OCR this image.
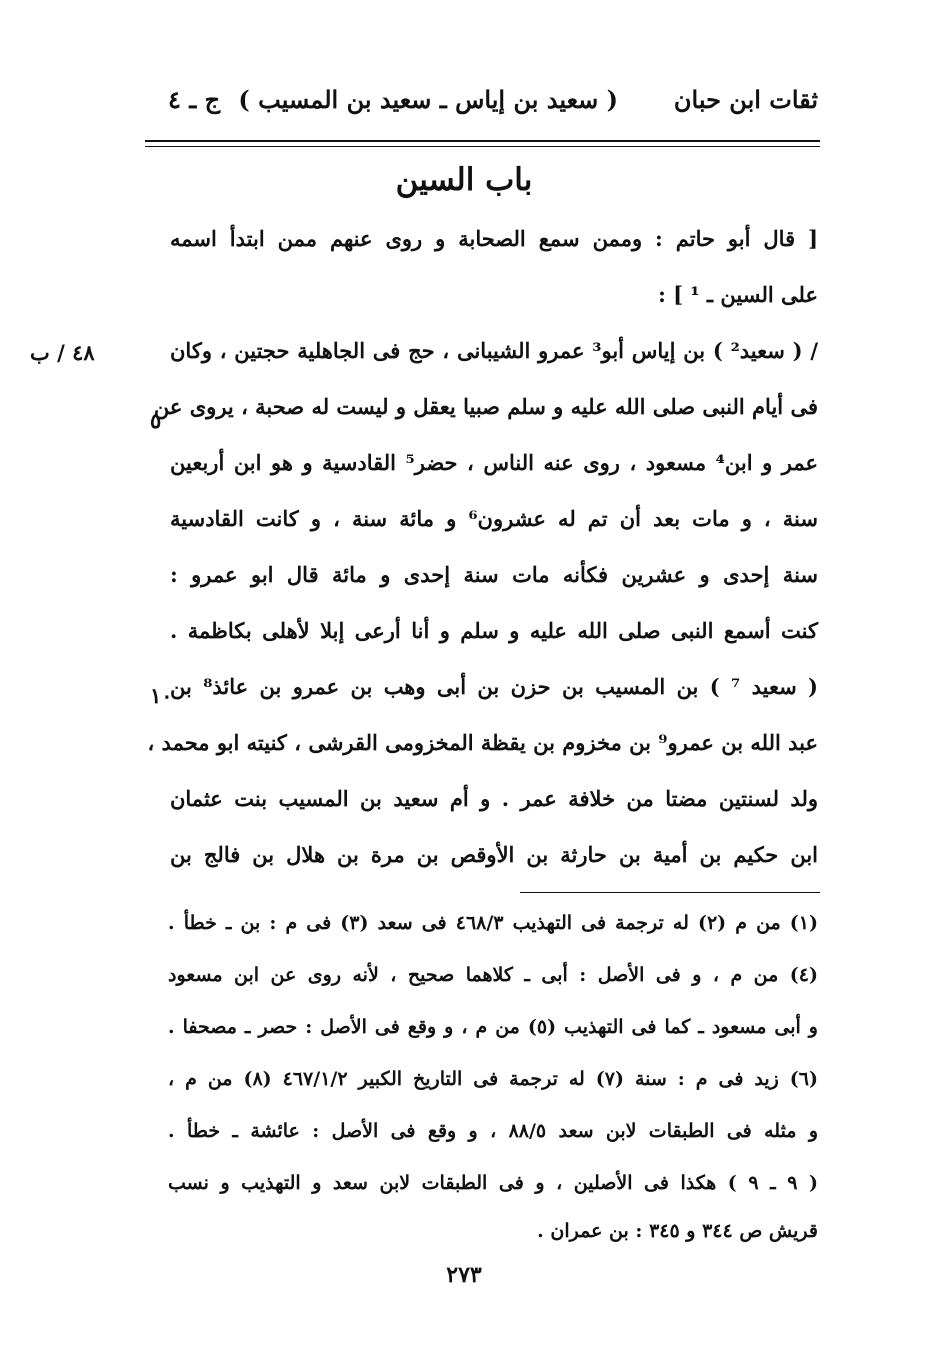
ثقات ابن حبان
( سعيد بن إياس ـ سعيد بن المسيب )
ج ـ ٤
باب السين
٤٨ / ب
٥
١٠
[ قال أبو حاتم : وممن سمع الصحابة و روى عنهم ممن ابتدأ اسمه
على السين ـ ¹ ] :
/ ( سعيد² ) بن إياس أبو³ عمرو الشيبانى ، حج فى الجاهلية حجتين ، وكان
فى أيام النبى صلى الله عليه و سلم صبيا يعقل و ليست له صحبة ، يروى عن
عمر و ابن⁴ مسعود ، روى عنه الناس ، حضر⁵ القادسية و هو ابن أربعين
سنة ، و مات بعد أن تم له عشرون⁶ و مائة سنة ، و كانت القادسية
سنة إحدى و عشرين فكأنه مات سنة إحدى و مائة قال ابو عمرو :
كنت أسمع النبى صلى الله عليه و سلم و أنا أرعى إبلا لأهلى بكاظمة .
( سعيد ⁷ ) بن المسيب بن حزن بن أبى وهب بن عمرو بن عائذ⁸ بن
عبد الله بن عمرو⁹ بن مخزوم بن يقظة المخزومى القرشى ، كنيته ابو محمد ،
ولد لسنتين مضتا من خلافة عمر . و أم سعيد بن المسيب بنت عثمان
ابن حكيم بن أمية بن حارثة بن الأوقص بن مرة بن هلال بن فالج بن
(١) من م (٢) له ترجمة فى التهذيب ٤٦٨/٣ فى سعد (٣) فى م : بن ـ خطأ .
(٤) من م ، و فى الأصل : أبى ـ كلاهما صحيح ، لأنه روى عن ابن مسعود
و أبى مسعود ـ كما فى التهذيب (٥) من م ، و وقع فى الأصل : حصر ـ مصحفا .
(٦) زيد فى م : سنة (٧) له ترجمة فى التاريخ الكبير ٤٦٧/١/٢ (٨) من م ،
و مثله فى الطبقات لابن سعد ٨٨/٥ ، و وقع فى الأصل : عائشة ـ خطأ .
( ٩ ـ ٩ ) هكذا فى الأصلين ، و فى الطبقات لابن سعد و التهذيب و نسب
قريش ص ٣٤٤ و ٣٤٥ : بن عمران .
٢٧٣
